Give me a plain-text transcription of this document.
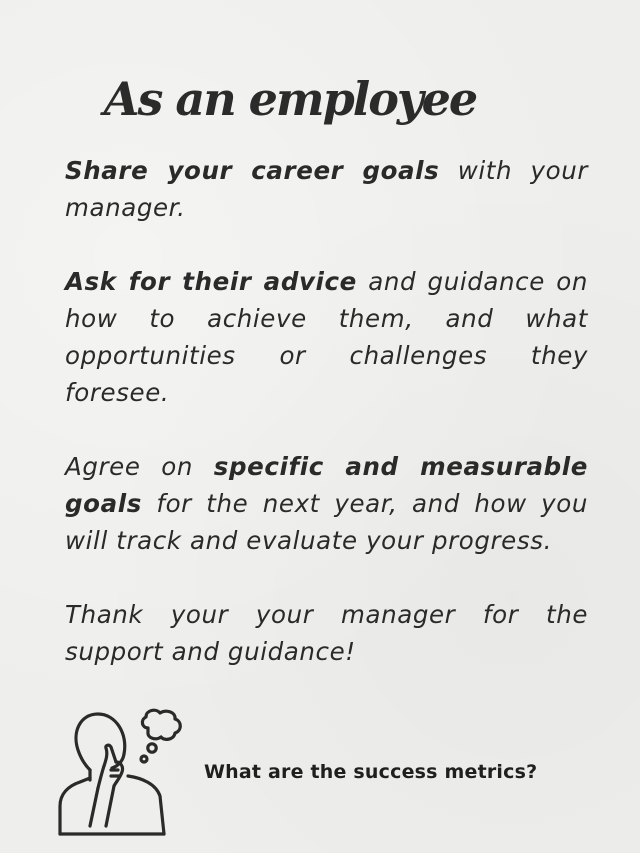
As an employee
Share your career goals with your manager.
Ask for their advice and guidance on how to achieve them, and what opportunities or challenges they foresee.
Agree on specific and measurable goals for the next year, and how you will track and evaluate your progress.
Thank your your manager for the support and guidance!
What are the success metrics?
